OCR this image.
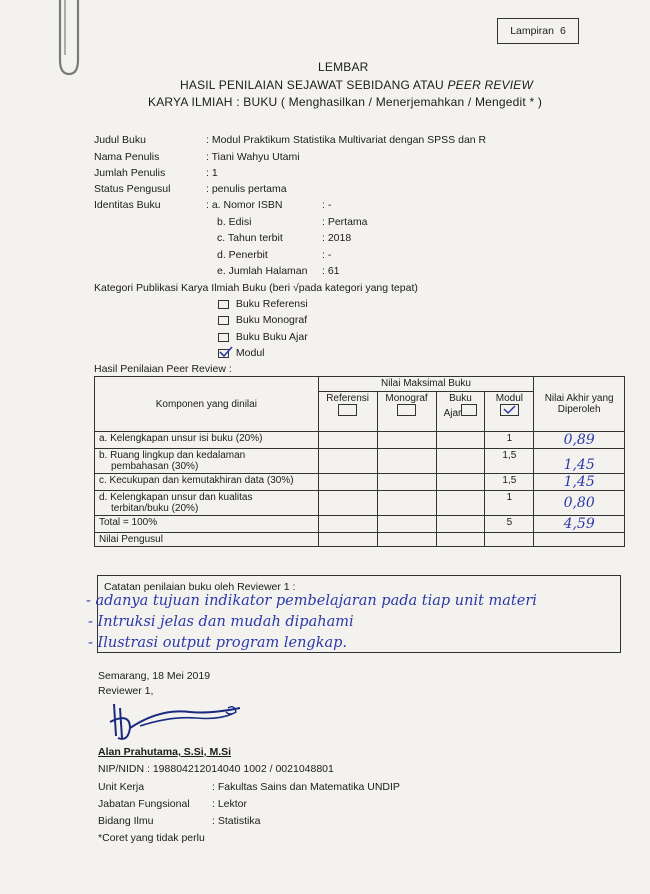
Lampiran 6
LEMBAR
HASIL PENILAIAN SEJAWAT SEBIDANG ATAU PEER REVIEW
KARYA ILMIAH : BUKU ( Menghasilkan / Menerjemahkan / Mengedit * )
Judul Buku	: Modul Praktikum Statistika Multivariat dengan SPSS dan R
Nama Penulis	: Tiani Wahyu Utami
Jumlah Penulis	: 1
Status Pengusul	: penulis pertama
Identitas Buku	: a. Nomor ISBN	: -
b. Edisi	: Pertama
c. Tahun terbit	: 2018
d. Penerbit	: -
e. Jumlah Halaman : 61
Kategori Publikasi Karya Ilmiah Buku (beri √pada kategori yang tepat)
Buku Referensi
Buku Monograf
Buku Buku Ajar
Modul
Hasil Penilaian Peer Review :
Komponen yang dinilai	Nilai Maksimal Buku				Nilai Akhir yang
Diperoleh

	Referensi	Monograf	Buku
Ajar	Modul	

a. Kelengkapan unsur isi buku (20%)				1	0,89

b. Ruang lingkup dan kedalaman
pembahasan (30%)				1,5	1,45
c. Kecukupan dan kemutakhiran data (30%)				1,5	1,45

d. Kelengkapan unsur dan kualitas
terbitan/buku (20%)				1	0,80
Total = 100%				5	4,59
Nilai Pengusul					
Catatan penilaian buku oleh Reviewer 1 :
- adanya tujuan indikator pembelajaran pada tiap unit materi
- Intruksi jelas dan mudah dipahami
- Ilustrasi output program lengkap.
Semarang, 18 Mei 2019
Reviewer 1,
Alan Prahutama, S.Si, M.Si
NIP/NIDN : 198804212014040 1002 / 0021048801
Unit Kerja	: Fakultas Sains dan Matematika UNDIP
Jabatan Fungsional : Lektor
Bidang Ilmu	: Statistika
*Coret yang tidak perlu
